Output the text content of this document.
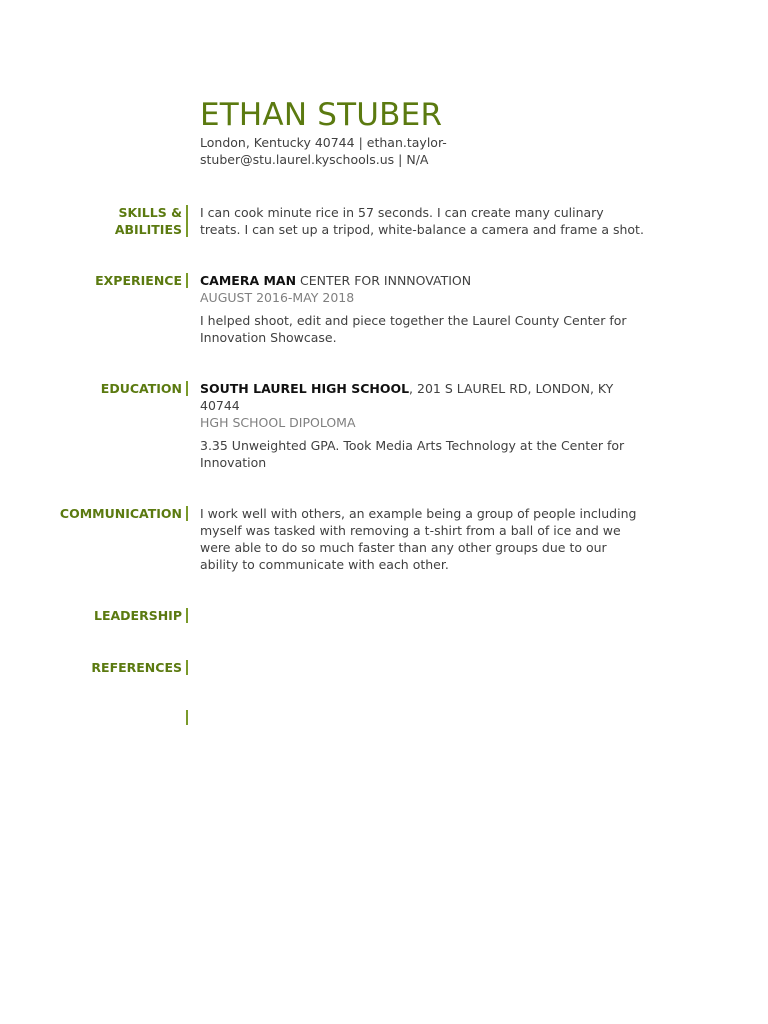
ETHAN STUBER
London, Kentucky 40744 | ethan.taylor-stuber@stu.laurel.kyschools.us | N/A
SKILLS &
ABILITIES
I can cook minute rice in 57 seconds. I can create many culinary treats. I can set up a tripod, white-balance a camera and frame a shot.
EXPERIENCE CAMERA MAN CENTER FOR INNNOVATION
AUGUST 2016-MAY 2018
I helped shoot, edit and piece together the Laurel County Center for Innovation Showcase.
EDUCATION SOUTH LAUREL HIGH SCHOOL, 201 S LAUREL RD, LONDON, KY 40744
HGH SCHOOL DIPOLOMA
3.35 Unweighted GPA. Took Media Arts Technology at the Center for Innovation
COMMUNICATION I work well with others, an example being a group of people including myself was tasked with removing a t-shirt from a ball of ice and we were able to do so much faster than any other groups due to our ability to communicate with each other.
LEADERSHIP
REFERENCES
